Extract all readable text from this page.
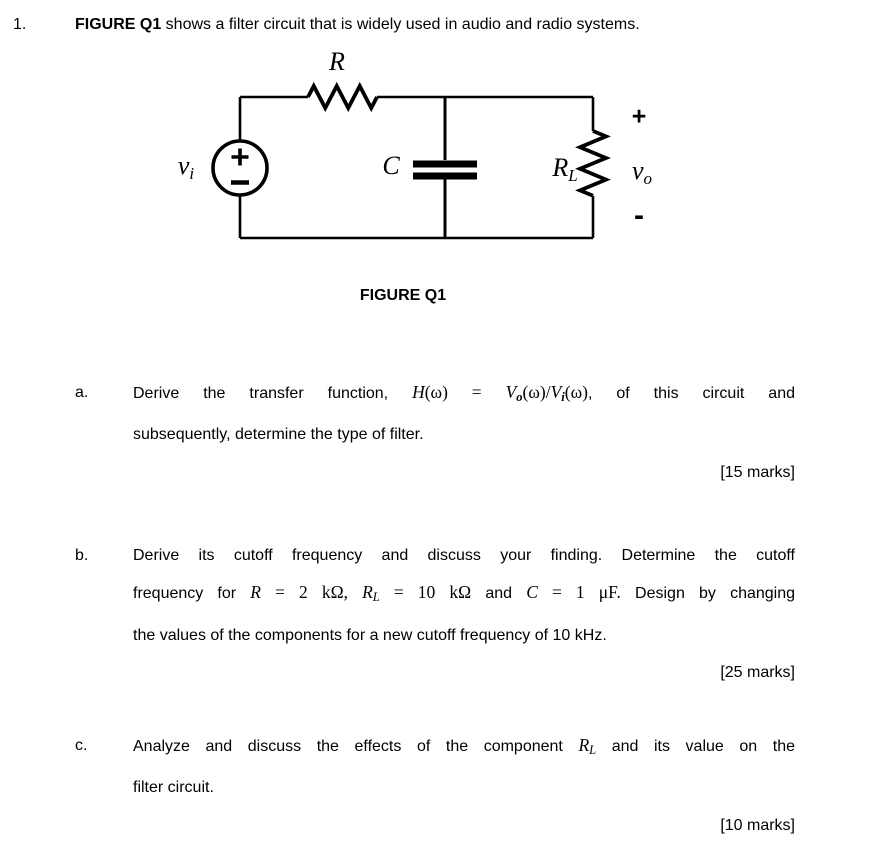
1.	FIGURE Q1 shows a filter circuit that is widely used in audio and radio systems.
R
$v_i$	C	$R_L$
+
$v_o$
-
FIGURE Q1
a.	Derive the transfer function, H(ω) = Vo(ω)/Vi(ω), of this circuit and
subsequently, determine the type of filter.
[15 marks]
b.	Derive its cutoff frequency and discuss your finding. Determine the cutoff
frequency for R = 2 kΩ, RL = 10 kΩ and C = 1 μF. Design by changing
the values of the components for a new cutoff frequency of 10 kHz.
[25 marks]
c.	Analyze and discuss the effects of the component RL and its value on the
filter circuit.
[10 marks]
